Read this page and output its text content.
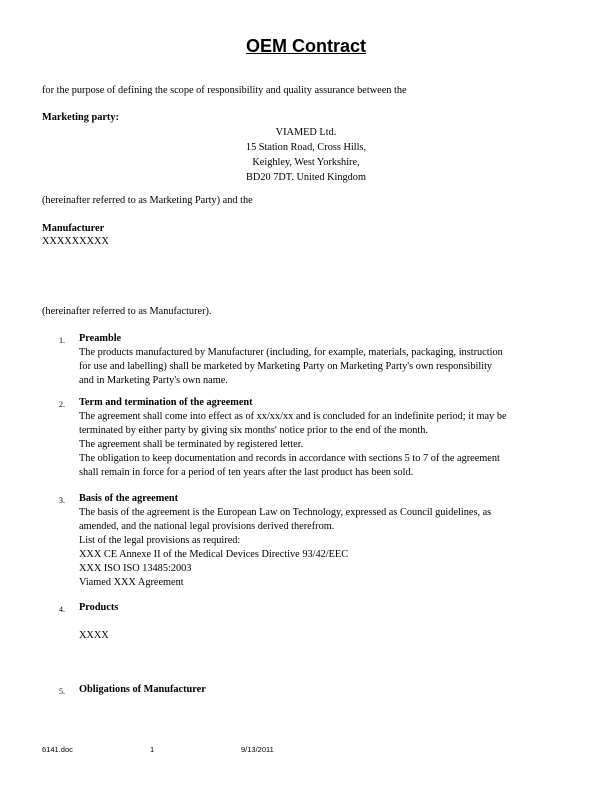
OEM Contract
for the purpose of defining the scope of responsibility and quality assurance between the
Marketing party:
VIAMED Ltd.
15 Station Road, Cross Hills,
Keighley, West Yorkshire,
BD20 7DT. United Kingdom
(hereinafter referred to as Marketing Party) and the
Manufacturer
XXXXXXXXX
(hereinafter referred to as Manufacturer).
1. Preamble
The products manufactured by Manufacturer (including, for example, materials, packaging, instruction
for use and labelling) shall be marketed by Marketing Party on Marketing Party's own responsibility
and in Marketing Party's own name.
2. Term and termination of the agreement
The agreement shall come into effect as of xx/xx/xx and is concluded for an indefinite period; it may be
terminated by either party by giving six months' notice prior to the end of the month.
The agreement shall be terminated by registered letter.
The obligation to keep documentation and records in accordance with sections 5 to 7 of the agreement
shall remain in force for a period of ten years after the last product has been sold.
3. Basis of the agreement
The basis of the agreement is the European Law on Technology, expressed as Council guidelines, as
amended, and the national legal provisions derived therefrom.
List of the legal provisions as required:
XXX CE Annexe II of the Medical Devices Directive 93/42/EEC
XXX ISO ISO 13485:2003
Viamed XXX Agreement
4. Products
XXXX
5. Obligations of Manufacturer
6141.doc	1	9/13/2011
